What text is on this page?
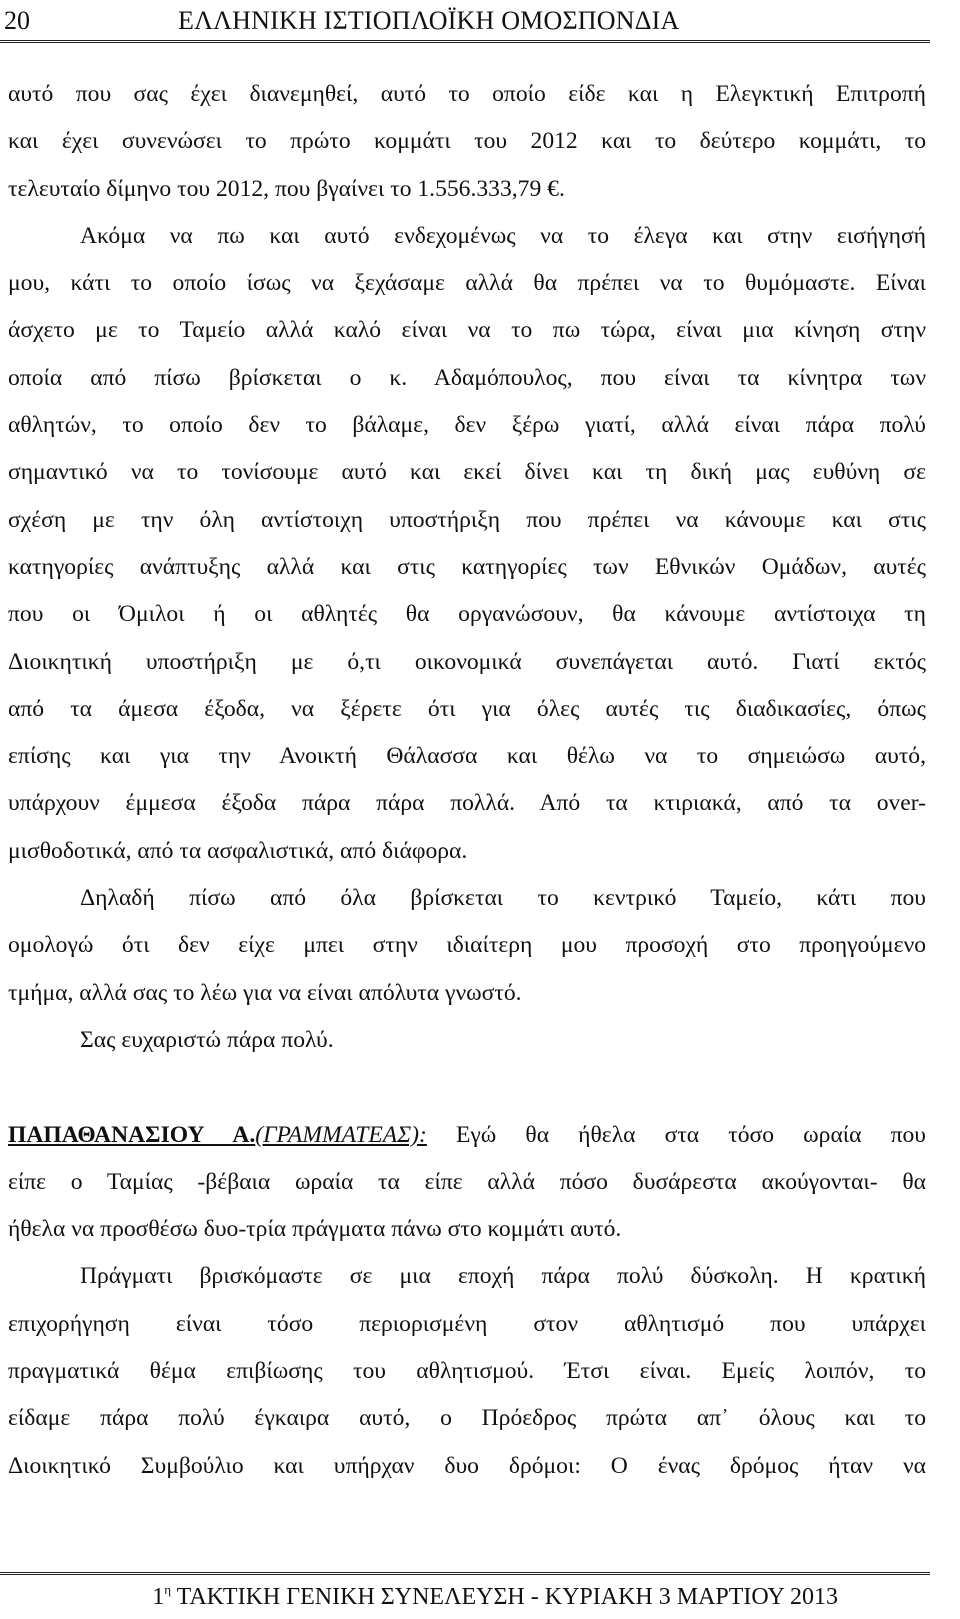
20	ΕΛΛΗΝΙΚΗ ΙΣΤΙΟΠΛΟΪΚΗ ΟΜΟΣΠΟΝΔΙΑ
αυτό που σας έχει διανεμηθεί, αυτό το οποίο είδε και η Ελεγκτική Επιτροπή
και έχει συνενώσει το πρώτο κομμάτι του 2012 και το δεύτερο κομμάτι, το
τελευταίο δίμηνο του 2012, που βγαίνει το 1.556.333,79 €.
Ακόμα να πω και αυτό ενδεχομένως να το έλεγα και στην εισήγησή
μου, κάτι το οποίο ίσως να ξεχάσαμε αλλά θα πρέπει να το θυμόμαστε. Είναι
άσχετο με το Ταμείο αλλά καλό είναι να το πω τώρα, είναι μια κίνηση στην
οποία από πίσω βρίσκεται ο κ. Αδαμόπουλος, που είναι τα κίνητρα των
αθλητών, το οποίο δεν το βάλαμε, δεν ξέρω γιατί, αλλά είναι πάρα πολύ
σημαντικό να το τονίσουμε αυτό και εκεί δίνει και τη δική μας ευθύνη σε
σχέση με την όλη αντίστοιχη υποστήριξη που πρέπει να κάνουμε και στις
κατηγορίες ανάπτυξης αλλά και στις κατηγορίες των Εθνικών Ομάδων, αυτές
που οι Όμιλοι ή οι αθλητές θα οργανώσουν, θα κάνουμε αντίστοιχα τη
Διοικητική υποστήριξη με ό,τι οικονομικά συνεπάγεται αυτό. Γιατί εκτός
από τα άμεσα έξοδα, να ξέρετε ότι για όλες αυτές τις διαδικασίες, όπως
επίσης και για την Ανοικτή Θάλασσα και θέλω να το σημειώσω αυτό,
υπάρχουν έμμεσα έξοδα πάρα πάρα πολλά. Από τα κτιριακά, από τα over-
μισθοδοτικά, από τα ασφαλιστικά, από διάφορα.
Δηλαδή πίσω από όλα βρίσκεται το κεντρικό Ταμείο, κάτι που
ομολογώ ότι δεν είχε μπει στην ιδιαίτερη μου προσοχή στο προηγούμενο
τμήμα, αλλά σας το λέω για να είναι απόλυτα γνωστό.
Σας ευχαριστώ πάρα πολύ.
ΠΑΠΑΘΑΝΑΣΙΟΥ Α.(ΓΡΑΜΜΑΤΕΑΣ): Εγώ θα ήθελα στα τόσο ωραία που
είπε ο Ταμίας -βέβαια ωραία τα είπε αλλά πόσο δυσάρεστα ακούγονται- θα
ήθελα να προσθέσω δυο-τρία πράγματα πάνω στο κομμάτι αυτό.
Πράγματι βρισκόμαστε σε μια εποχή πάρα πολύ δύσκολη. Η κρατική
επιχορήγηση είναι τόσο περιορισμένη στον αθλητισμό που υπάρχει
πραγματικά θέμα επιβίωσης του αθλητισμού. Έτσι είναι. Εμείς λοιπόν, το
είδαμε πάρα πολύ έγκαιρα αυτό, ο Πρόεδρος πρώτα απ᾽ όλους και το
Διοικητικό Συμβούλιο και υπήρχαν δυο δρόμοι: Ο ένας δρόμος ήταν να
$1^\eta$ ΤΑΚΤΙΚΗ ΓΕΝΙΚΗ ΣΥΝΕΛΕΥΣΗ - ΚΥΡΙΑΚΗ 3 ΜΑΡΤΙΟΥ 2013
